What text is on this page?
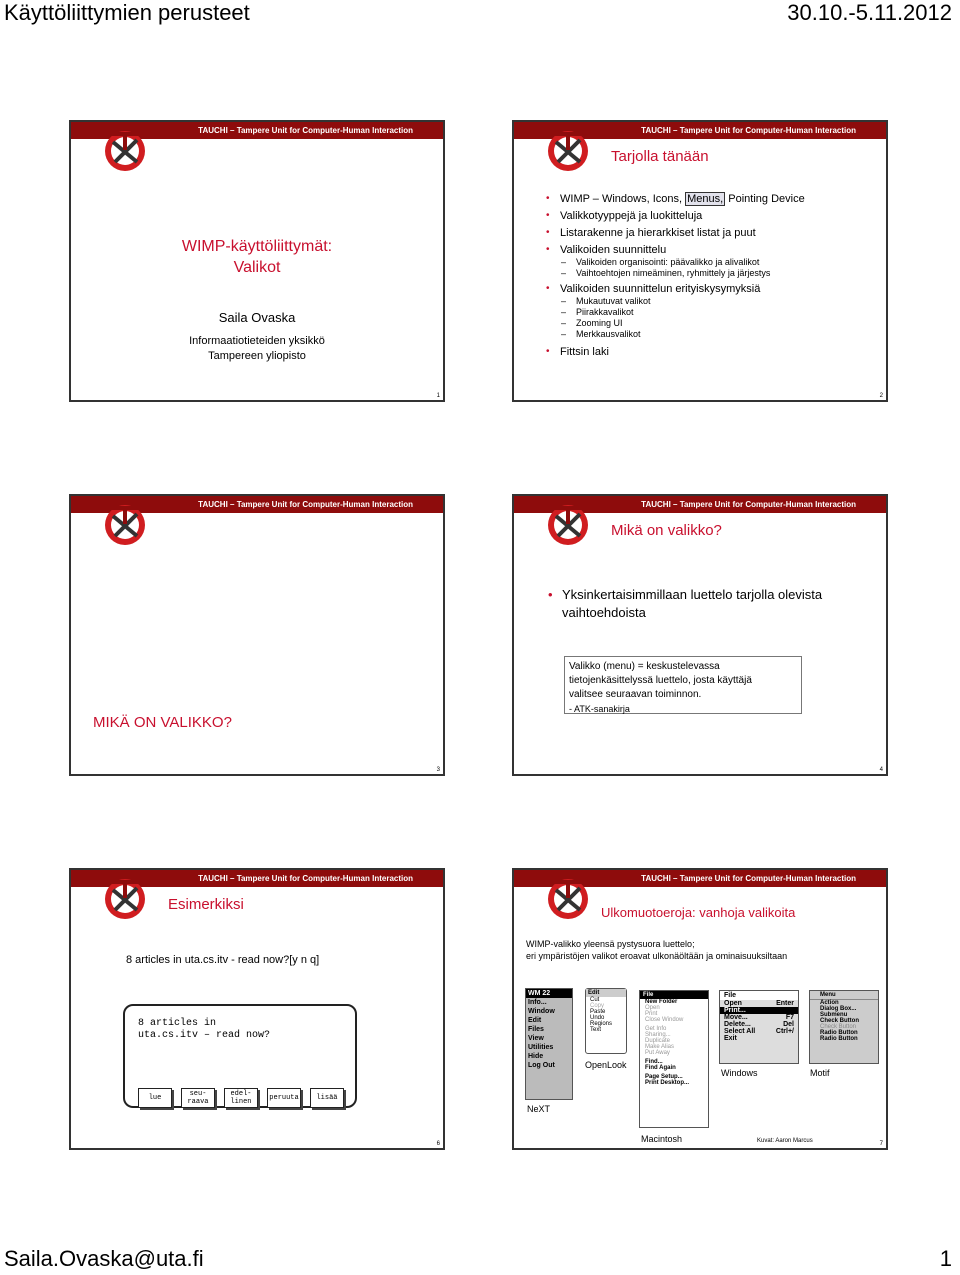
Käyttöliittymien perusteet	30.10.-5.11.2012
TAUCHI – Tampere Unit for Computer-Human Interaction
WIMP-käyttöliittymät:
Valikot
Saila Ovaska
Informaatiotieteiden yksikkö
Tampereen yliopisto
1
TAUCHI – Tampere Unit for Computer-Human Interaction
Tarjolla tänään
• WIMP – Windows, Icons, Menus, Pointing Device
• Valikkotyyppejä ja luokitteluja
• Listarakenne ja hierarkkiset listat ja puut
• Valikoiden suunnittelu
– Valikoiden organisointi: päävalikko ja alivalikot
– Vaihtoehtojen nimeäminen, ryhmittely ja järjestys
• Valikoiden suunnittelun erityiskysymyksiä
– Mukautuvat valikot
– Piirakkavalikot
– Zooming UI
– Merkkausvalikot
• Fittsin laki
2
TAUCHI – Tampere Unit for Computer-Human Interaction
MIKÄ ON VALIKKO?
3
TAUCHI – Tampere Unit for Computer-Human Interaction
Mikä on valikko?
• Yksinkertaisimmillaan luettelo tarjolla olevista vaihtoehdoista
Valikko (menu) = keskustelevassa
tietojenkäsittelyssä luettelo, josta käyttäjä
valitsee seuraavan toiminnon.
- ATK-sanakirja
4
TAUCHI – Tampere Unit for Computer-Human Interaction
Esimerkiksi
8 articles in uta.cs.itv - read now?[y n q]
8 articles in
uta.cs.itv – read now?
lue	seu-
raava
edel-
linen	peruuta	lisää
6
TAUCHI – Tampere Unit for Computer-Human Interaction
Ulkomuotoeroja: vanhoja valikoita
WIMP-valikko yleensä pystysuora luettelo;
eri ympäristöjen valikot eroavat ulkonäöltään ja ominaisuuksiltaan
WM 22
Info...
Window
Edit
Files
View
Utilities
Hide
Log Out
NeXT
Edit
Cut
Copy
Paste
Undo
Regions
Text
OpenLook
File
New Folder
Open
Print
Close Window
Get Info
Sharing...
Duplicate
Make Alias
Put Away
Find...
Find Again
Page Setup...
Print Desktop...
Macintosh
File
Open	Enter
Print...
Move...	F7
Delete...	Del
Select All	Ctrl+/
Exit
Windows
Menu
Action
Dialog Box...
Submenu
Check Button
Check Button
Radio Button
Radio Button
Motif
Kuvat: Aaron Marcus	7
Saila.Ovaska@uta.fi	1
